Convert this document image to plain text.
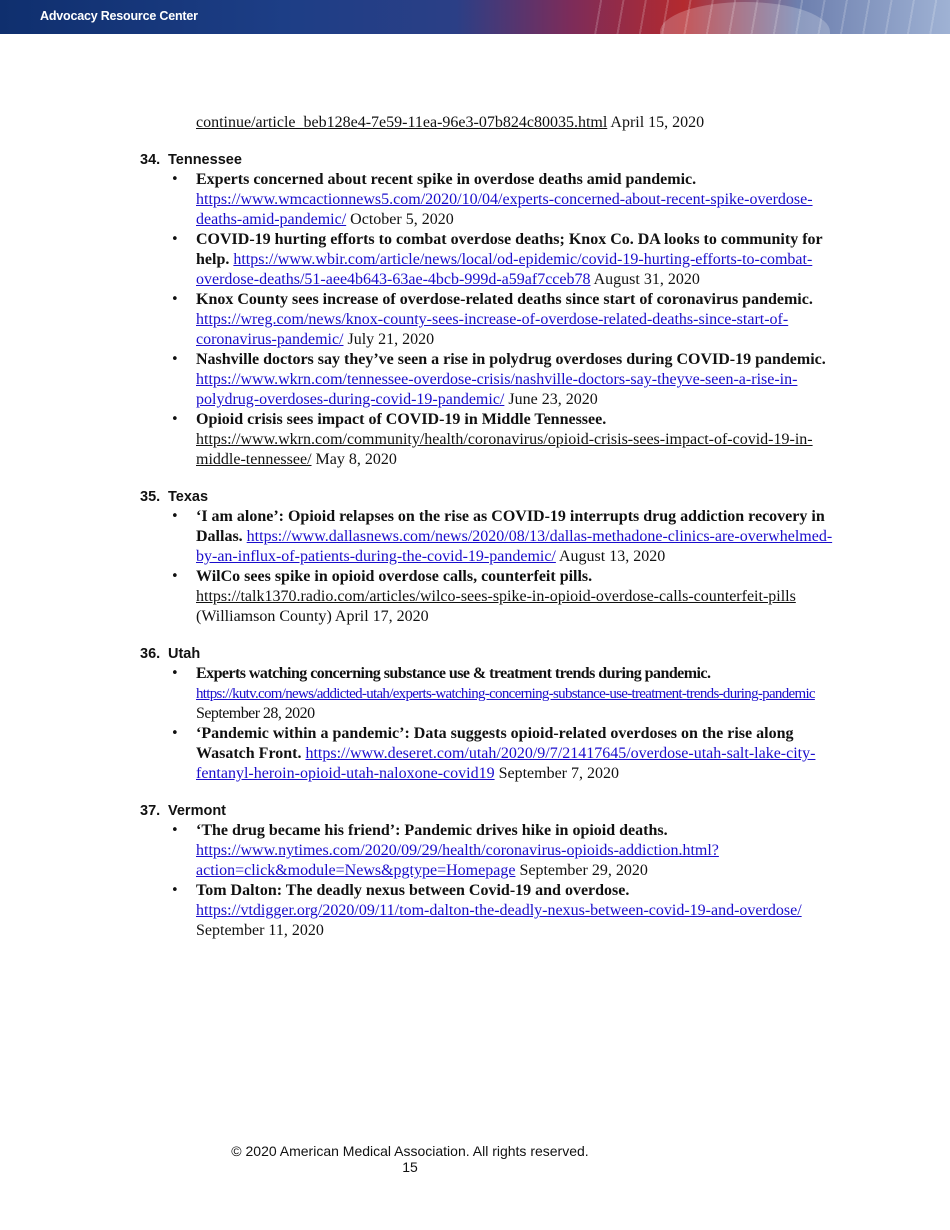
Advocacy Resource Center
continue/article_beb128e4-7e59-11ea-96e3-07b824c80035.html April 15, 2020
34. Tennessee
• Experts concerned about recent spike in overdose deaths amid pandemic. https://www.wmcactionnews5.com/2020/10/04/experts-concerned-about-recent-spike-overdose-deaths-amid-pandemic/ October 5, 2020
• COVID-19 hurting efforts to combat overdose deaths; Knox Co. DA looks to community for help. https://www.wbir.com/article/news/local/od-epidemic/covid-19-hurting-efforts-to-combat-overdose-deaths/51-aee4b643-63ae-4bcb-999d-a59af7cceb78 August 31, 2020
• Knox County sees increase of overdose-related deaths since start of coronavirus pandemic. https://wreg.com/news/knox-county-sees-increase-of-overdose-related-deaths-since-start-of-coronavirus-pandemic/ July 21, 2020
• Nashville doctors say they’ve seen a rise in polydrug overdoses during COVID-19 pandemic. https://www.wkrn.com/tennessee-overdose-crisis/nashville-doctors-say-theyve-seen-a-rise-in-polydrug-overdoses-during-covid-19-pandemic/ June 23, 2020
• Opioid crisis sees impact of COVID-19 in Middle Tennessee. https://www.wkrn.com/community/health/coronavirus/opioid-crisis-sees-impact-of-covid-19-in-middle-tennessee/ May 8, 2020
35. Texas
• ‘I am alone’: Opioid relapses on the rise as COVID-19 interrupts drug addiction recovery in Dallas. https://www.dallasnews.com/news/2020/08/13/dallas-methadone-clinics-are-overwhelmed-by-an-influx-of-patients-during-the-covid-19-pandemic/ August 13, 2020
• WilCo sees spike in opioid overdose calls, counterfeit pills. https://talk1370.radio.com/articles/wilco-sees-spike-in-opioid-overdose-calls-counterfeit-pills (Williamson County) April 17, 2020
36. Utah
• Experts watching concerning substance use & treatment trends during pandemic. https://kutv.com/news/addicted-utah/experts-watching-concerning-substance-use-treatment-trends-during-pandemic September 28, 2020
• ‘Pandemic within a pandemic’: Data suggests opioid-related overdoses on the rise along Wasatch Front. https://www.deseret.com/utah/2020/9/7/21417645/overdose-utah-salt-lake-city-fentanyl-heroin-opioid-utah-naloxone-covid19 September 7, 2020
37. Vermont
• ‘The drug became his friend’: Pandemic drives hike in opioid deaths. https://www.nytimes.com/2020/09/29/health/coronavirus-opioids-addiction.html?action=click&module=News&pgtype=Homepage September 29, 2020
• Tom Dalton: The deadly nexus between Covid-19 and overdose. https://vtdigger.org/2020/09/11/tom-dalton-the-deadly-nexus-between-covid-19-and-overdose/ September 11, 2020
© 2020 American Medical Association. All rights reserved.
15
